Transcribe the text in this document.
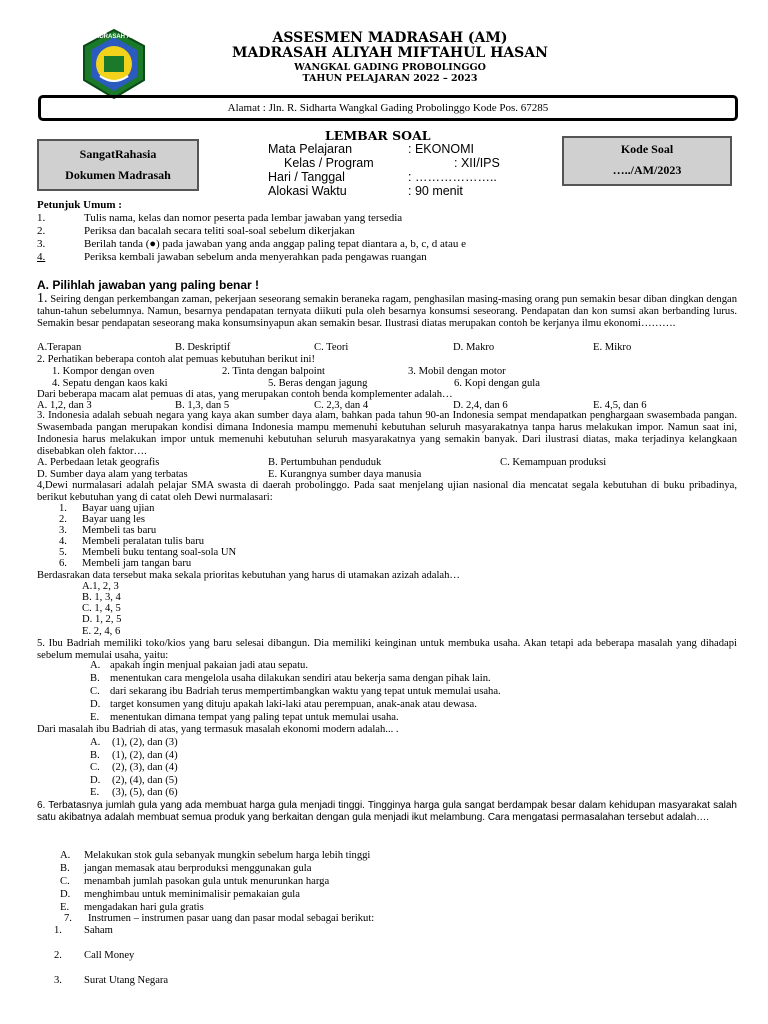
MADRASAH ALIYAH	ASSESMEN MADRASAH (AM)
MADRASAH ALIYAH MIFTAHUL HASAN
WANGKAL GADING PROBOLINGGO
TAHUN PELAJARAN 2022 – 2023
Alamat : Jln. R. Sidharta Wangkal Gading Probolinggo Kode Pos. 67285
SangatRahasia
Dokumen Madrasah
LEMBAR SOAL
Mata Pelajaran	: EKONOMI
Kelas / Program	: XII/IPS
Hari / Tanggal	: ………………..
Alokasi Waktu	: 90 menit
Kode Soal
…../AM/2023
Petunjuk Umum :
1.	Tulis nama, kelas dan nomor peserta pada lembar jawaban yang tersedia
2.	Periksa dan bacalah secara teliti soal-soal sebelum dikerjakan
3.	Berilah tanda (●) pada jawaban yang anda anggap paling tepat diantara a, b, c, d atau e
4.	Periksa kembali jawaban sebelum anda menyerahkan pada pengawas ruangan
A. Pilihlah jawaban yang paling benar !
1. Seiring dengan perkembangan zaman, pekerjaan seseorang semakin beraneka ragam, penghasilan masing-masing orang pun semakin besar diban dingkan dengan tahun-tahun sebelumnya. Namun, besarnya pendapatan ternyata diikuti pula oleh besarnya konsumsi seseorang. Pendapatan dan kon sumsi akan berbanding lurus. Semakin besar pendapatan seseorang maka konsumsinyapun akan semakin besar. Ilustrasi diatas merupakan contoh be kerjanya ilmu ekonomi……….
A.Terapan	B. Deskriptif	C. Teori	D. Makro	E. Mikro
2. Perhatikan beberapa contoh alat pemuas kebutuhan berikut ini!
1. Kompor dengan oven	2. Tinta dengan balpoint	3. Mobil dengan motor
4. Sepatu dengan kaos kaki	5. Beras dengan jagung	6. Kopi dengan gula
Dari beberapa macam alat pemuas di atas, yang merupakan contoh benda komplementer adalah…
A. 1,2, dan 3	B. 1,3, dan 5	C. 2,3, dan 4	D. 2,4, dan 6	E. 4,5, dan 6
3. Indonesia adalah sebuah negara yang kaya akan sumber daya alam, bahkan pada tahun 90-an Indonesia sempat mendapatkan penghargaan swasembada pangan. Swasembada pangan merupakan kondisi dimana Indonesia mampu memenuhi kebutuhan seluruh masyarakatnya tanpa harus melakukan impor. Namun saat ini, Indonesia harus melakukan impor untuk memenuhi kebutuhan seluruh masyarakatnya yang semakin banyak. Dari ilustrasi diatas, maka terjadinya kelangkaan disebabkan oleh faktor….
A. Perbedaan letak geografis	B. Pertumbuhan penduduk	C. Kemampuan produksi
D. Sumber daya alam yang terbatas	E. Kurangnya sumber daya manusia
4,Dewi nurmalasari adalah pelajar SMA swasta di daerah probolinggo. Pada saat menjelang ujian nasional dia mencatat segala kebutuhan di buku pribadinya, berikut kebutuhan yang di catat oleh Dewi nurmalasari:
1. Bayar uang ujian
2. Bayar uang les
3. Membeli tas baru
4. Membeli peralatan tulis baru
5. Membeli buku tentang soal-sola UN
6. Membeli jam tangan baru
Berdasrakan data tersebut maka sekala prioritas kebutuhan yang harus di utamakan azizah adalah…
A.1, 2, 3
B. 1, 3, 4
C. 1, 4, 5
D. 1, 2, 5
E. 2, 4, 6
5. Ibu Badriah memiliki toko/kios yang baru selesai dibangun. Dia memiliki keinginan untuk membuka usaha. Akan tetapi ada beberapa masalah yang dihadapi sebelum memulai usaha, yaitu:
A. apakah ingin menjual pakaian jadi atau sepatu.
B. menentukan cara mengelola usaha dilakukan sendiri atau bekerja sama dengan pihak lain.
C. dari sekarang ibu Badriah terus mempertimbangkan waktu yang tepat untuk memulai usaha.
D. target konsumen yang dituju apakah laki-laki atau perempuan, anak-anak atau dewasa.
E. menentukan dimana tempat yang paling tepat untuk memulai usaha.
Dari masalah ibu Badriah di atas, yang termasuk masalah ekonomi modern adalah... .
A. (1), (2), dan (3)
B. (1), (2), dan (4)
C. (2), (3), dan (4)
D. (2), (4), dan (5)
E. (3), (5), dan (6)
6. Terbatasnya jumlah gula yang ada membuat harga gula menjadi tinggi. Tingginya harga gula sangat berdampak besar dalam kehidupan masyarakat salah satu akibatnya adalah membuat semua produk yang berkaitan dengan gula menjadi ikut melambung. Cara mengatasi permasalahan tersebut adalah….
A. Melakukan stok gula sebanyak mungkin sebelum harga lebih tinggi
B. jangan memasak atau berproduksi menggunakan gula
C. menambah jumlah pasokan gula untuk menurunkan harga
D. menghimbau untuk meminimalisir pemakaian gula
E. mengadakan hari gula gratis
7. Instrumen – instrumen pasar uang dan pasar modal sebagai berikut:
1. Saham
2. Call Money
3. Surat Utang Negara
